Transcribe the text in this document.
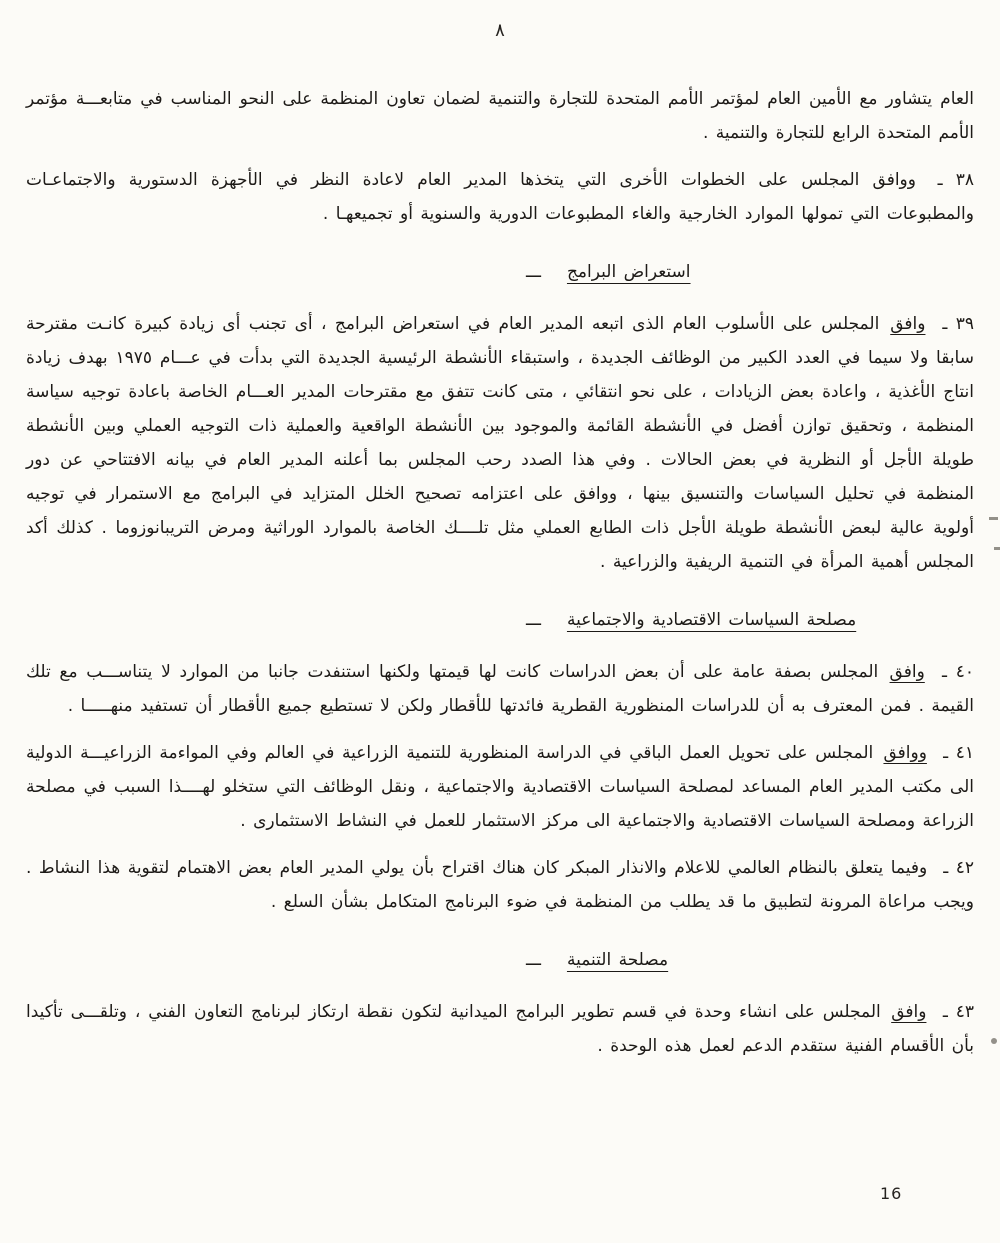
٨

العام يتشاور مع الأمين العام لمؤتمر الأمم المتحدة للتجارة والتنمية لضمان تعاون المنظمة على النحو المناسب في متابعـــة مؤتمر الأمم المتحدة الرابع للتجارة والتنمية .

٣٨ ـ ووافق المجلس على الخطوات الأخرى التي يتخذها المدير العام لاعادة النظر في الأجهزة الدستورية والاجتماعـات والمطبوعات التي تمولها الموارد الخارجية والغاء المطبوعات الدورية والسنوية أو تجميعهـا .

ـــ استعراض البرامج

٣٩ ـ وافق المجلس على الأسلوب العام الذى اتبعه المدير العام في استعراض البرامج ، أى تجنب أى زيادة كبيرة كانـت مقترحة سابقا ولا سيما في العدد الكبير من الوظائف الجديدة ، واستبقاء الأنشطة الرئيسية الجديدة التي بدأت في عـــام ١٩٧٥ بهدف زيادة انتاج الأغذية ، واعادة بعض الزيادات ، على نحو انتقائي ، متى كانت تتفق مع مقترحات المدير العـــام الخاصة باعادة توجيه سياسة المنظمة ، وتحقيق توازن أفضل في الأنشطة القائمة والموجود بين الأنشطة الواقعية والعملية ذات التوجيه العملي وبين الأنشطة طويلة الأجل أو النظرية في بعض الحالات . وفي هذا الصدد رحب المجلس بما أعلنه المدير العام في بيانه الافتتاحي عن دور المنظمة في تحليل السياسات والتنسيق بينها ، ووافق على اعتزامه تصحيح الخلل المتزايد في البرامج مع الاستمرار في توجيه أولوية عالية لبعض الأنشطة طويلة الأجل ذات الطابع العملي مثل تلــــك الخاصة بالموارد الوراثية ومرض التريبانوزوما . كذلك أكد المجلس أهمية المرأة في التنمية الريفية والزراعية .

ـــ مصلحة السياسات الاقتصادية والاجتماعية

٤٠ ـ وافق المجلس بصفة عامة على أن بعض الدراسات كانت لها قيمتها ولكنها استنفدت جانبا من الموارد لا يتناســـب مع تلك القيمة . فمن المعترف به أن للدراسات المنظورية القطرية فائدتها للأقطار ولكن لا تستطيع جميع الأقطار أن تستفيد منهـــــا .

٤١ ـ ووافق المجلس على تحويل العمل الباقي في الدراسة المنظورية للتنمية الزراعية في العالم وفي المواءمة الزراعيـــة الدولية الى مكتب المدير العام المساعد لمصلحة السياسات الاقتصادية والاجتماعية ، ونقل الوظائف التي ستخلو لهــــذا السبب في مصلحة الزراعة ومصلحة السياسات الاقتصادية والاجتماعية الى مركز الاستثمار للعمل في النشاط الاستثمارى .

٤٢ ـ وفيما يتعلق بالنظام العالمي للاعلام والانذار المبكر كان هناك اقتراح بأن يولي المدير العام بعض الاهتمام لتقوية هذا النشاط . ويجب مراعاة المرونة لتطبيق ما قد يطلب من المنظمة في ضوء البرنامج المتكامل بشأن السلع .

ـــ مصلحة التنمية

٤٣ ـ وافق المجلس على انشاء وحدة في قسم تطوير البرامج الميدانية لتكون نقطة ارتكاز لبرنامج التعاون الفني ، وتلقـــى تأكيدا بأن الأقسام الفنية ستقدم الدعم لعمل هذه الوحدة .

16
